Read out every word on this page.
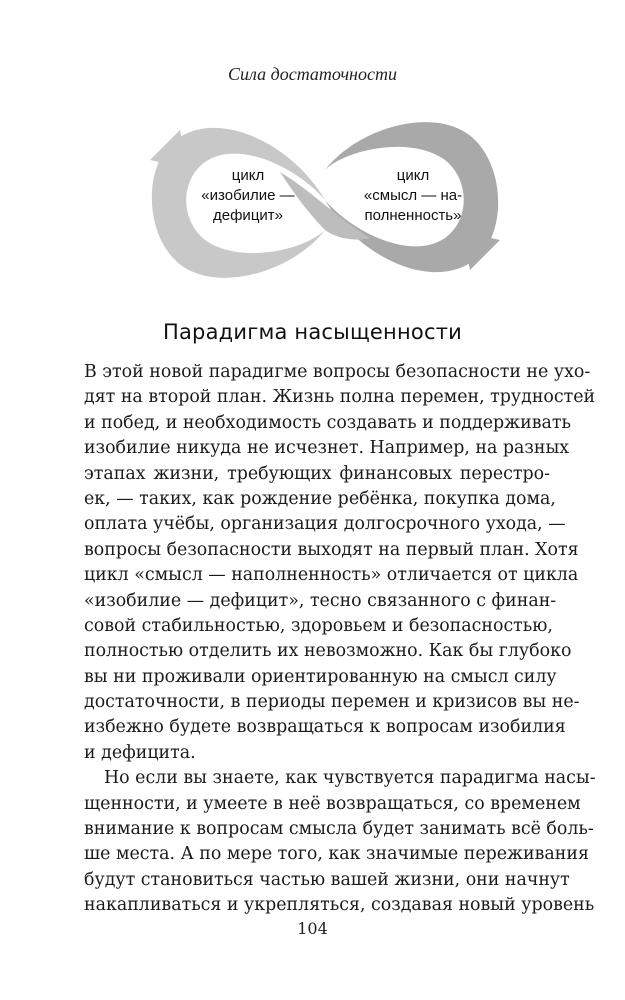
Сила достаточности
цикл
«изобилие —
дефицит»
цикл
«смысл — на-
полненность»
Парадигма насыщенности
В этой новой парадигме вопросы безопасности не ухо-
дят на второй план. Жизнь полна перемен, трудностей
и побед, и необходимость создавать и поддерживать
изобилие никуда не исчезнет. Например, на разных
этапах жизни, требующих финансовых перестро-
ек, — таких, как рождение ребёнка, покупка дома,
оплата учёбы, организация долгосрочного ухода, —
вопросы безопасности выходят на первый план. Хотя
цикл «смысл — наполненность» отличается от цикла
«изобилие — дефицит», тесно связанного с финан-
совой стабильностью, здоровьем и безопасностью,
полностью отделить их невозможно. Как бы глубоко
вы ни проживали ориентированную на смысл силу
достаточности, в периоды перемен и кризисов вы не-
избежно будете возвращаться к вопросам изобилия
и дефицита.
Но если вы знаете, как чувствуется парадигма насы-
щенности, и умеете в неё возвращаться, со временем
внимание к вопросам смысла будет занимать всё боль-
ше места. А по мере того, как значимые переживания
будут становиться частью вашей жизни, они начнут
накапливаться и укрепляться, создавая новый уровень
104
